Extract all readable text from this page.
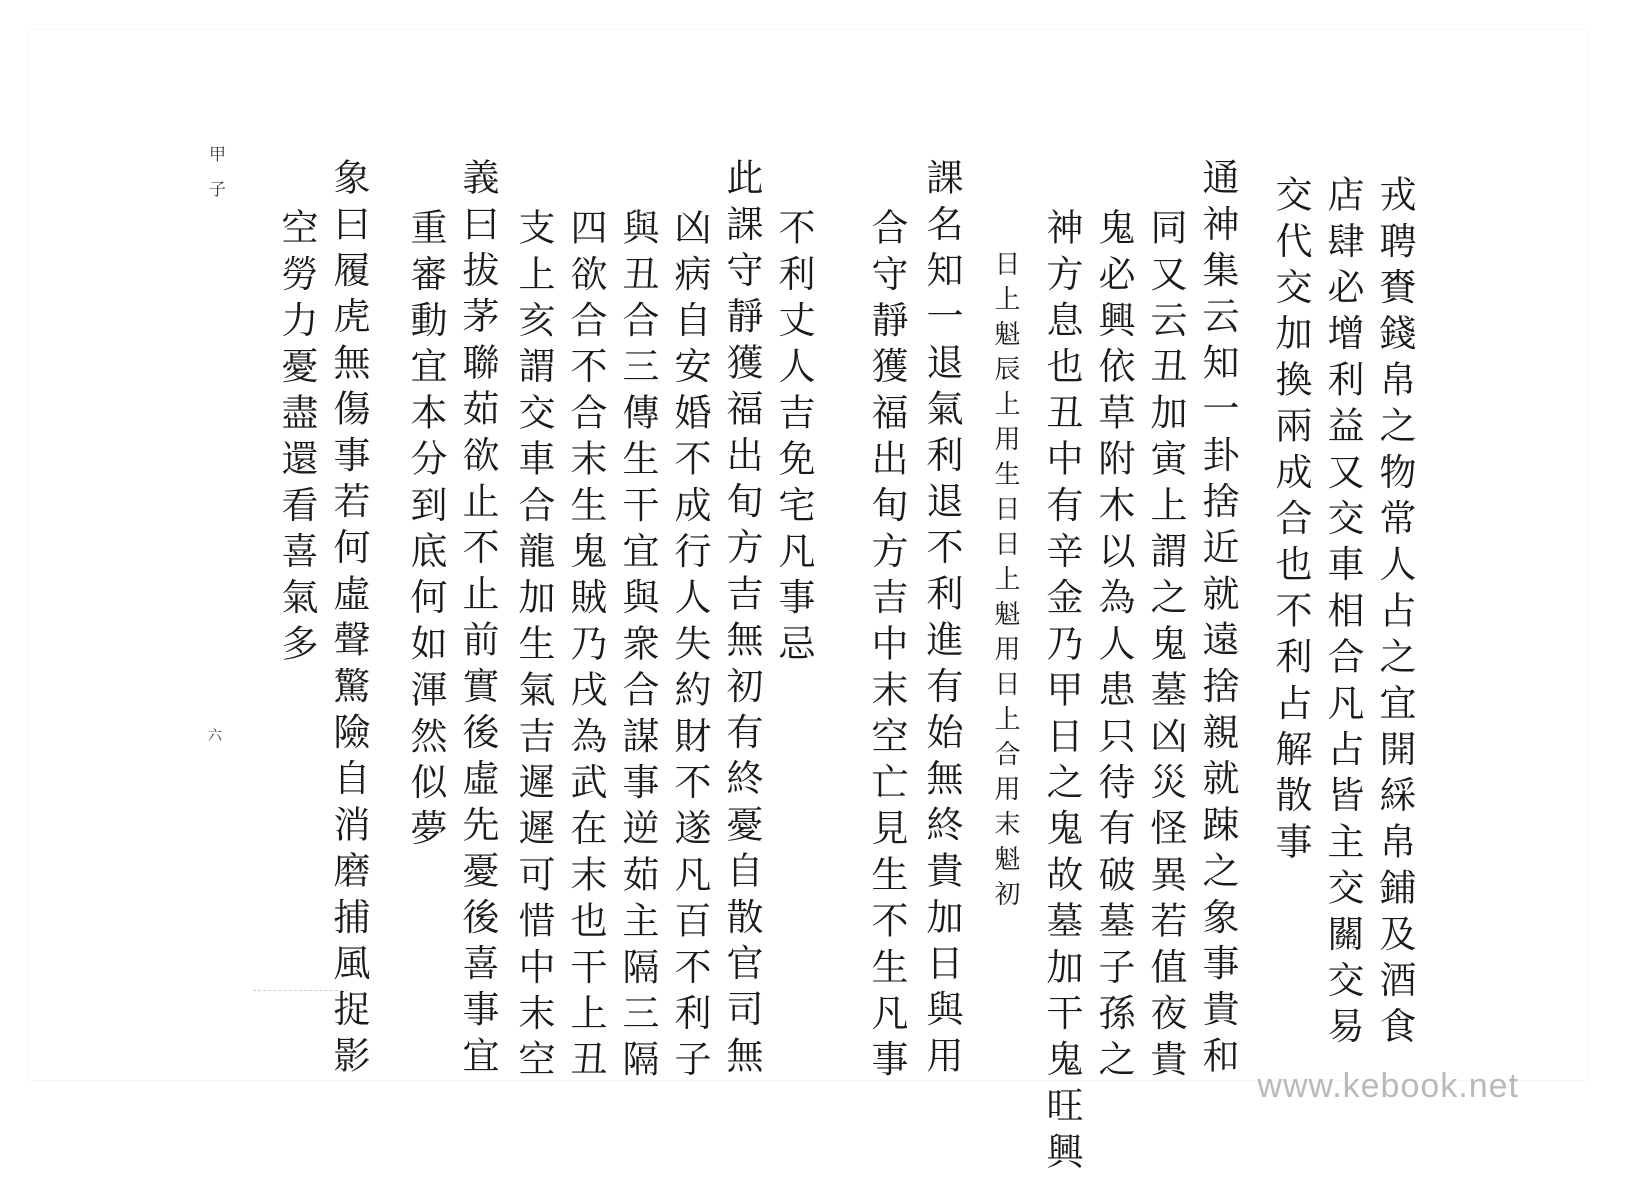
戎聘賚錢帛之物常人占之宜開綵帛鋪及酒食
店肆必增利益又交車相合凡占皆主交關交易
交代交加換兩成合也不利占解散事
通神集云知一卦捨近就遠捨親就踈之象事貴和
同又云丑加寅上謂之鬼墓凶災怪異若值夜貴
鬼必興依草附木以為人患只待有破墓子孫之
神方息也丑中有辛金乃甲日之鬼故墓加干鬼旺興
日上魁辰上用生日日上魁用日上合用末魁初
課名知一退氣利退不利進有始無終貴加日與用
合守靜獲福出旬方吉中末空亡見生不生凡事
不利丈人吉免宅凡事忌
此課守靜獲福出旬方吉無初有終憂自散官司無
凶病自安婚不成行人失約財不遂凡百不利子
與丑合三傳生干宜與衆合謀事逆茹主隔三隔
四欲合不合末生鬼賊乃戌為武在末也干上丑
支上亥謂交車合龍加生氣吉遲遲可惜中末空
義曰拔茅聯茹欲止不止前實後虛先憂後喜事宜
重審動宜本分到底何如渾然似夢
象曰履虎無傷事若何虛聲驚險自消磨捕風捉影
空勞力憂盡還看喜氣多
甲子
六
www.kebook.net
